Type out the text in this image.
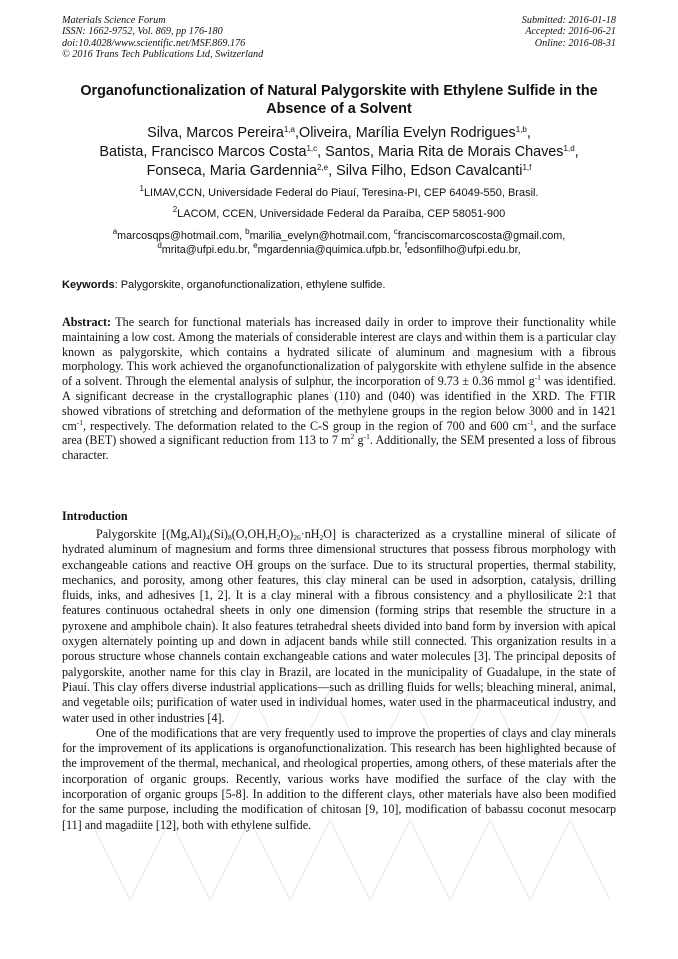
Materials Science Forum
ISSN: 1662-9752, Vol. 869, pp 176-180
doi:10.4028/www.scientific.net/MSF.869.176
© 2016 Trans Tech Publications Ltd, Switzerland
Submitted: 2016-01-18
Accepted: 2016-06-21
Online: 2016-08-31
Organofunctionalization of Natural Palygorskite with Ethylene Sulfide in the Absence of a Solvent
Silva, Marcos Pereira$^{1,a}$,Oliveira, Marília Evelyn Rodrigues$^{1,b}$,
Batista, Francisco Marcos Costa$^{1,c}$, Santos, Maria Rita de Morais Chaves$^{1,d}$,
Fonseca, Maria Gardennia$^{2,e}$, Silva Filho, Edson Cavalcanti$^{1,f}$
$^1$LIMAV,CCN, Universidade Federal do Piauí, Teresina-PI, CEP 64049-550, Brasil.
$^2$LACOM, CCEN, Universidade Federal da Paraíba, CEP 58051-900
$^a$marcosqps@hotmail.com, $^b$marilia_evelyn@hotmail.com, $^c$franciscomarcoscosta@gmail.com,
$^d$mrita@ufpi.edu.br, $^e$mgardennia@quimica.ufpb.br, $^f$edsonfilho@ufpi.edu.br,
Keywords: Palygorskite, organofunctionalization, ethylene sulfide.
Abstract: The search for functional materials has increased daily in order to improve their functionality while maintaining a low cost. Among the materials of considerable interest are clays and within them is a particular clay known as palygorskite, which contains a hydrated silicate of aluminum and magnesium with a fibrous morphology. This work achieved the organofunctionalization of palygorskite with ethylene sulfide in the absence of a solvent. Through the elemental analysis of sulphur, the incorporation of 9.73 ± 0.36 mmol $g^{-1}$ was identified. A significant decrease in the crystallographic planes (110) and (040) was identified in the XRD. The FTIR showed vibrations of stretching and deformation of the methylene groups in the region below 3000 and in 1421 $cm^{-1}$, respectively. The deformation related to the C-S group in the region of 700 and 600 $cm^{-1}$, and the surface area (BET) showed a significant reduction from 113 to 7 $m^2$ $g^{-1}$. Additionally, the SEM presented a loss of fibrous character.
Introduction

Palygorskite $[(Mg,Al)_4(Si)_8(O,OH,H_2O)_{26}\cdot nH_2O]$ is characterized as a crystalline mineral of silicate of hydrated aluminum of magnesium and forms three dimensional structures that possess fibrous morphology with exchangeable cations and reactive OH groups on the surface. Due to its structural properties, thermal stability, mechanics, and porosity, among other features, this clay mineral can be used in adsorption, catalysis, drilling fluids, inks, and adhesives [1, 2]. It is a clay mineral with a fibrous consistency and a phyllosilicate 2:1 that features continuous octahedral sheets in only one dimension (forming strips that resemble the structure in a pyroxene and amphibole chain). It also features tetrahedral sheets divided into band form by inversion with apical oxygen alternately pointing up and down in adjacent bands while still connected. This organization results in a porous structure whose channels contain exchangeable cations and water molecules [3]. The principal deposits of palygorskite, another name for this clay in Brazil, are located in the municipality of Guadalupe, in the state of Piauí. This clay offers diverse industrial applications—such as drilling fluids for wells; bleaching mineral, animal, and vegetable oils; purification of water used in individual homes, water used in the pharmaceutical industry, and water used in other industries [4].

One of the modifications that are very frequently used to improve the properties of clays and clay minerals for the improvement of its applications is organofunctionalization. This research has been highlighted because of the improvement of the thermal, mechanical, and rheological properties, among others, of these materials after the incorporation of organic groups. Recently, various works have modified the surface of the clay with the incorporation of organic groups [5-8]. In addition to the different clays, other materials have also been modified for the same purpose, including the modification of chitosan [9, 10], modification of babassu coconut mesocarp [11] and magadiite [12], both with ethylene sulfide.
